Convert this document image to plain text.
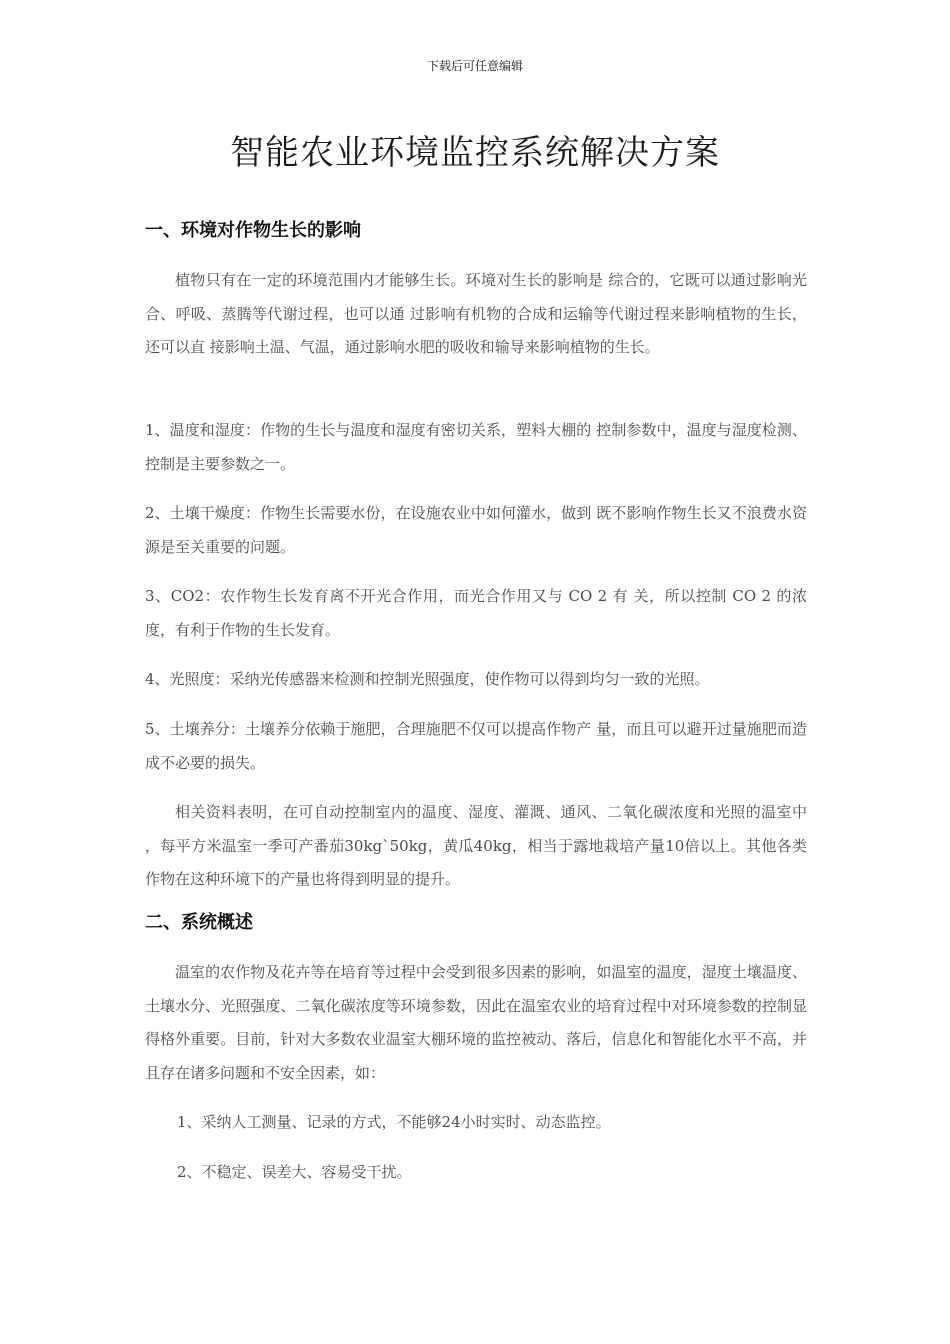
下载后可任意编辑
智能农业环境监控系统解决方案
一、环境对作物生长的影响

植物只有在一定的环境范围内才能够生长。环境对生长的影响是 综合的，它既可以通过影响光合、呼吸、蒸腾等代谢过程，也可以通 过影响有机物的合成和运输等代谢过程来影响植物的生长，还可以直 接影响土温、气温，通过影响水肥的吸收和输导来影响植物的生长。

1、温度和湿度：作物的生长与温度和湿度有密切关系，塑料大棚的 控制参数中，温度与湿度检测、控制是主要参数之一。

2、土壤干燥度：作物生长需要水份，在设施农业中如何灌水，做到 既不影响作物生长又不浪费水资源是至关重要的问题。

3、CO2：农作物生长发育离不开光合作用，而光合作用又与 CO 2 有 关，所以控制 CO 2 的浓度，有利于作物的生长发育。

4、光照度：采纳光传感器来检测和控制光照强度，使作物可以得到均匀一致的光照。

5、土壤养分：土壤养分依赖于施肥，合理施肥不仅可以提高作物产 量，而且可以避开过量施肥而造成不必要的损失。

相关资料表明，在可自动控制室内的温度、湿度、灌溉、通风、二氧化碳浓度和光照的温室中 ，每平方米温室一季可产番茄30kg`50kg，黄瓜40kg，相当于露地栽培产量10倍以上。其他各类作物在这种环境下的产量也将得到明显的提升。

二、系统概述

温室的农作物及花卉等在培育等过程中会受到很多因素的影响，如温室的温度，湿度土壤温度、土壤水分、光照强度、二氧化碳浓度等环境参数，因此在温室农业的培育过程中对环境参数的控制显得格外重要。目前，针对大多数农业温室大棚环境的监控被动、落后，信息化和智能化水平不高，并且存在诸多问题和不安全因素，如：

1、采纳人工测量、记录的方式，不能够24小时实时、动态监控。

2、不稳定、误差大、容易受干扰。
